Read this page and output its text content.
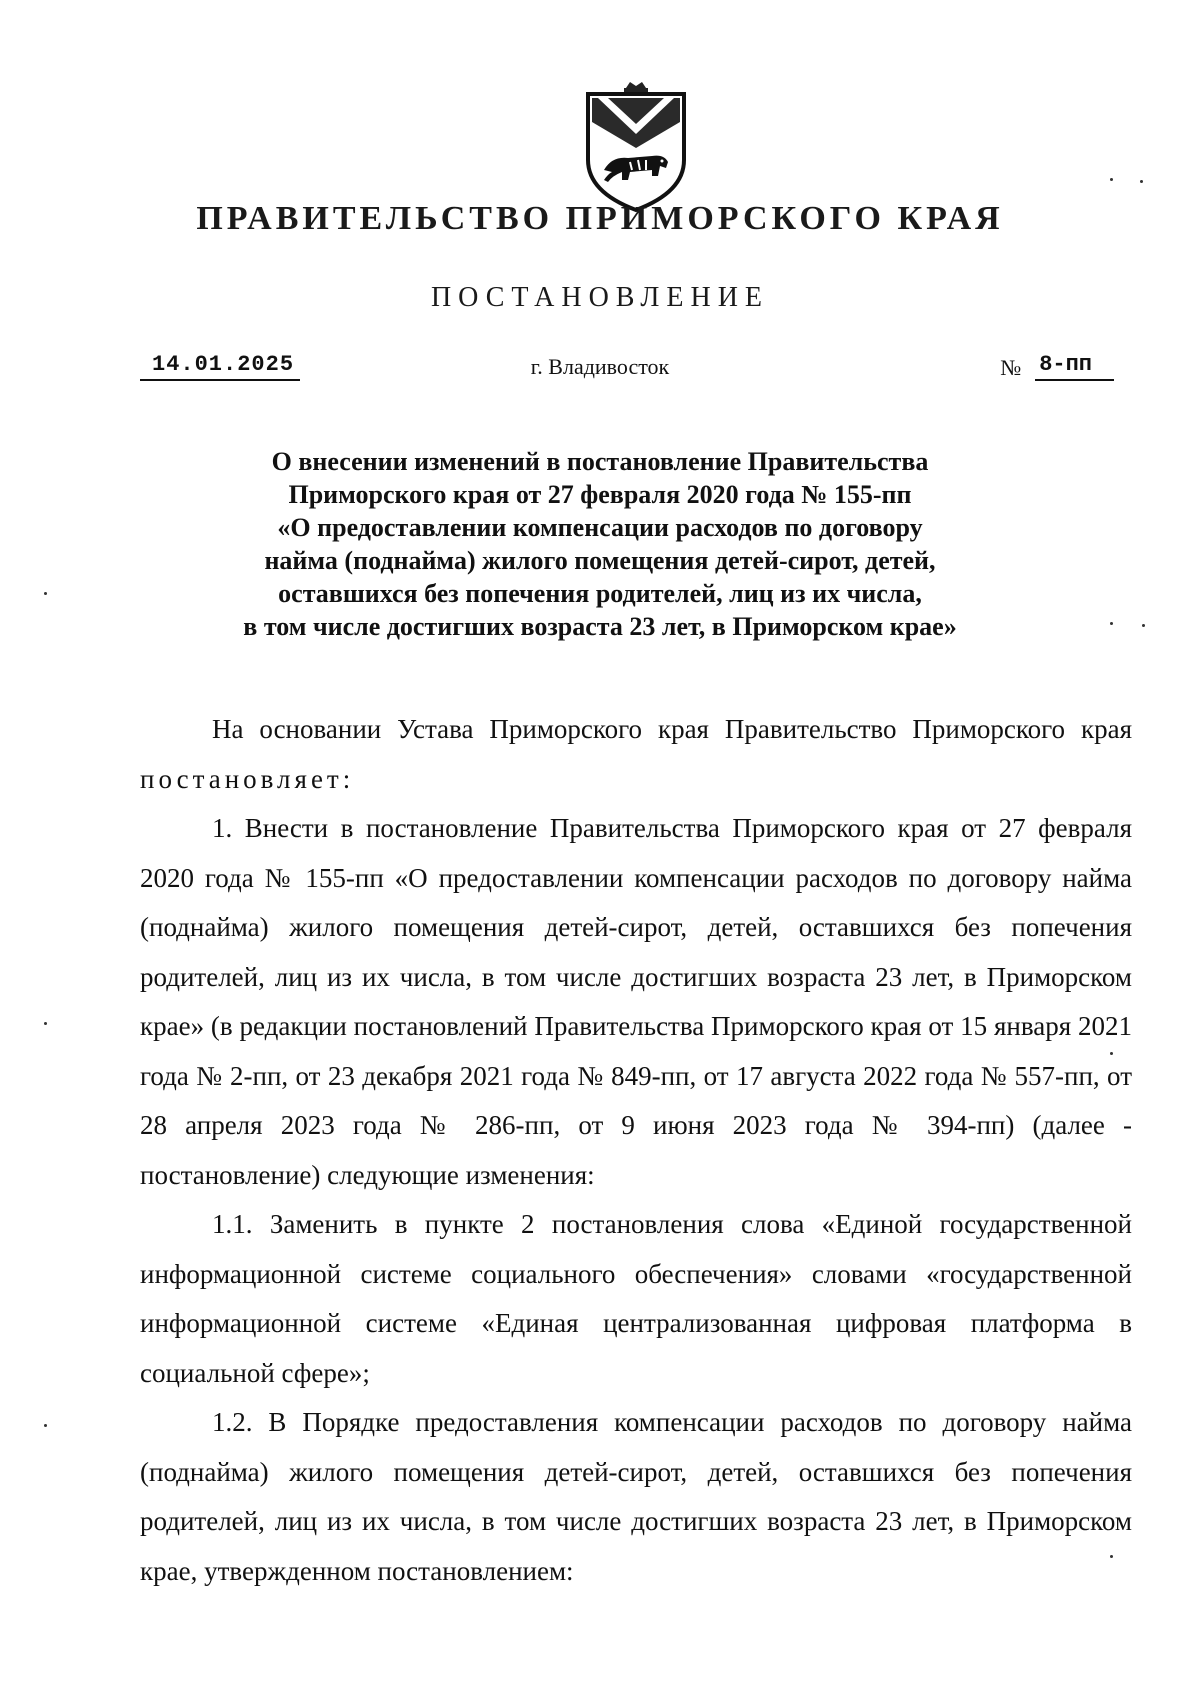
ПРАВИТЕЛЬСТВО ПРИМОРСКОГО КРАЯ
ПОСТАНОВЛЕНИЕ
14.01.2025	г. Владивосток	№ 8-пп
О внесении изменений в постановление Правительства
Приморского края от 27 февраля 2020 года № 155-пп
«О предоставлении компенсации расходов по договору
найма (поднайма) жилого помещения детей-сирот, детей,
оставшихся без попечения родителей, лиц из их числа,
в том числе достигших возраста 23 лет, в Приморском крае»

На основании Устава Приморского края Правительство Приморского края постановляет:

1. Внести в постановление Правительства Приморского края от 27 февраля 2020 года № 155-пп «О предоставлении компенсации расходов по договору найма (поднайма) жилого помещения детей-сирот, детей, оставшихся без попечения родителей, лиц из их числа, в том числе достигших возраста 23 лет, в Приморском крае» (в редакции постановлений Правительства Приморского края от 15 января 2021 года № 2-пп, от 23 декабря 2021 года № 849-пп, от 17 августа 2022 года № 557-пп, от 28 апреля 2023 года № 286-пп, от 9 июня 2023 года № 394-пп) (далее - постановление) следующие изменения:

1.1. Заменить в пункте 2 постановления слова «Единой государственной информационной системе социального обеспечения» словами «государственной информационной системе «Единая централизованная цифровая платформа в социальной сфере»;

1.2. В Порядке предоставления компенсации расходов по договору найма (поднайма) жилого помещения детей-сирот, детей, оставшихся без попечения родителей, лиц из их числа, в том числе достигших возраста 23 лет, в Приморском крае, утвержденном постановлением:
